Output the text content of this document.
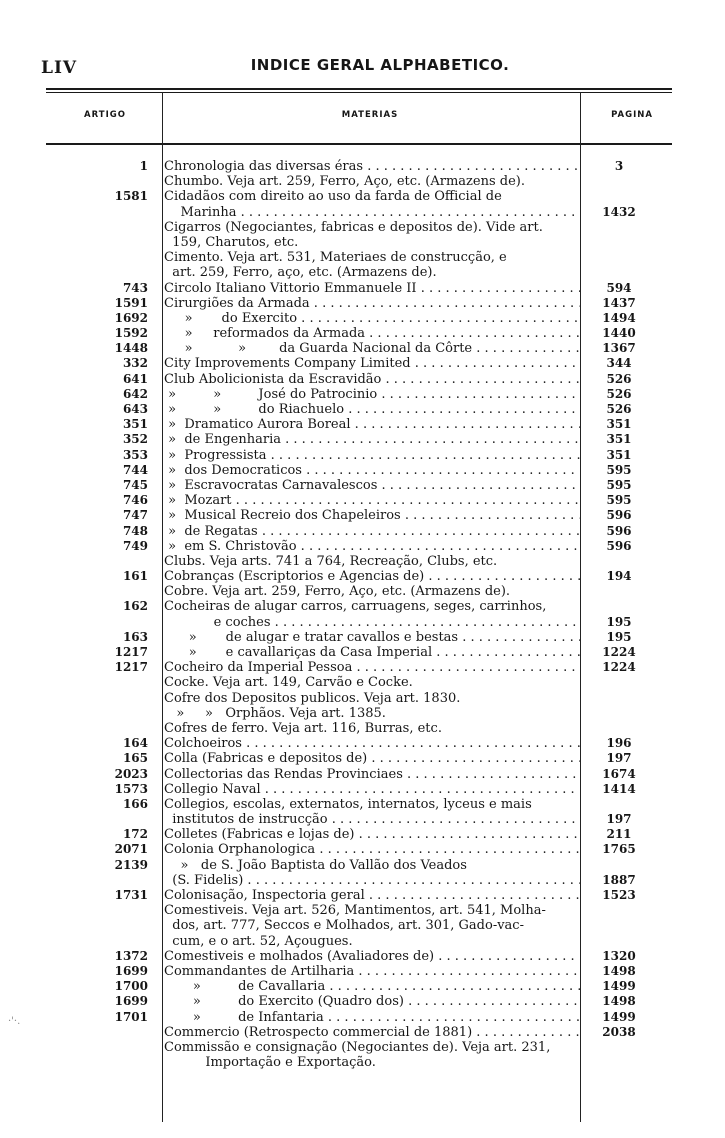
LIV	INDICE GERAL ALPHABETICO.
ARTIGO	MATERIAS	PAGINA
1 Chronologia das diversas éras . . .	3
Chumbo. Veja art. 259, Ferro, Aço, etc. (Armazens de).
1581 Cidadãos com direito ao uso da farda de Official de
Marinha . . .	1432
Cigarros (Negociantes, fabricas e depositos de). Vide art.
159, Charutos, etc.
Cimento. Veja art. 531, Materiaes de construcção, e
art. 259, Ferro, aço, etc. (Armazens de).
743 Circolo Italiano Vittorio Emmanuele II . . .	594
1591 Cirurgiões da Armada . . .	1437
1692 »       do Exercito . . .	1494
1592 »     reformados da Armada . . .	1440
1448 »           »        da Guarda Nacional da Côrte . . .	1367
332 City Improvements Company Limited . . .	344
641 Club Abolicionista da Escravidão . . .	526
642 »         »         José do Patrocinio . . .	526
643 »         »         do Riachuelo . . .	526
351 »  Dramatico Aurora Boreal . . .	351
352 »  de Engenharia . . .	351
353 »  Progressista . . .	351
744 »  dos Democraticos . . .	595
745 »  Escravocratas Carnavalescos . . .	595
746 »  Mozart . . .	595
747 »  Musical Recreio dos Chapeleiros . . .	596
748 »  de Regatas . . .	596
749 »  em S. Christovão . . .	596
Clubs. Veja arts. 741 a 764, Recreação, Clubs, etc.
161 Cobranças (Escriptorios e Agencias de) . . .	194
Cobre. Veja art. 259, Ferro, Aço, etc. (Armazens de).
162 Cocheiras de alugar carros, carruagens, seges, carrinhos,
e coches . . .	195
163 »       de alugar e tratar cavallos e bestas . . .	195
1217 »       e cavallariças da Casa Imperial . . .	1224
1217 Cocheiro da Imperial Pessoa . . .	1224
Cocke. Veja art. 149, Carvão e Cocke.
Cofre dos Depositos publicos. Veja art. 1830.
»     »   Orphãos. Veja art. 1385.
Cofres de ferro. Veja art. 116, Burras, etc.
164 Colchoeiros . . .	196
165 Colla (Fabricas e depositos de) . . .	197
2023 Collectorias das Rendas Provinciaes . . .	1674
1573 Collegio Naval . . .	1414
166 Collegios, escolas, externatos, internatos, lyceus e mais
institutos de instrucção . . .	197
172 Colletes (Fabricas e lojas de) . . .	211
2071 Colonia Orphanologica . . .	1765
2139 »   de S. João Baptista do Vallão dos Veados
(S. Fidelis) . . .	1887
1731 Colonisação, Inspectoria geral . . .	1523
Comestiveis. Veja art. 526, Mantimentos, art. 541, Molha-
dos, art. 777, Seccos e Molhados, art. 301, Gado-vac-
cum, e o art. 52, Açougues.
1372 Comestiveis e molhados (Avaliadores de) . . .	1320
1699 Commandantes de Artilharia . . .	1498
1700 »         de Cavallaria . . .	1499
1699 »         do Exercito (Quadro dos) . . .	1498
1701 »         de Infantaria . . .	1499
Commercio (Retrospecto commercial de 1881) . . .	2038
Commissão e consignação (Negociantes de). Veja art. 231,
Importação e Exportação.
·'·.
